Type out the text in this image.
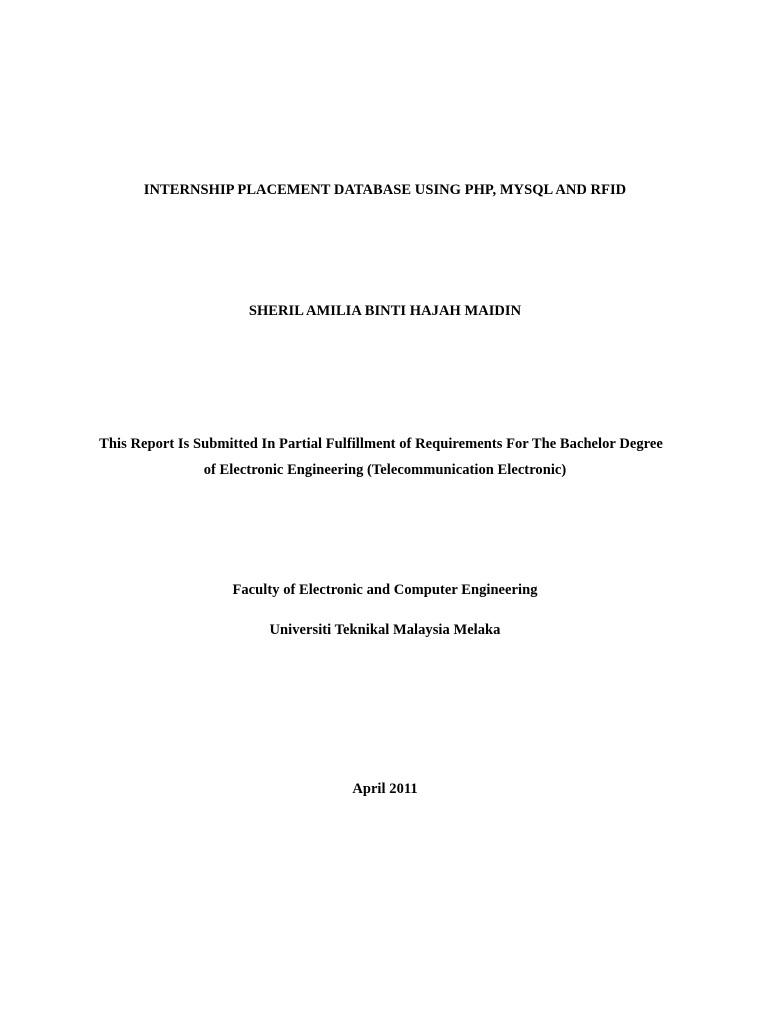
INTERNSHIP PLACEMENT DATABASE USING PHP, MYSQL AND RFID
SHERIL AMILIA BINTI HAJAH MAIDIN
This Report Is Submitted In Partial Fulfillment of Requirements For The Bachelor Degree
of Electronic Engineering (Telecommunication Electronic)
Faculty of Electronic and Computer Engineering
Universiti Teknikal Malaysia Melaka
April 2011
